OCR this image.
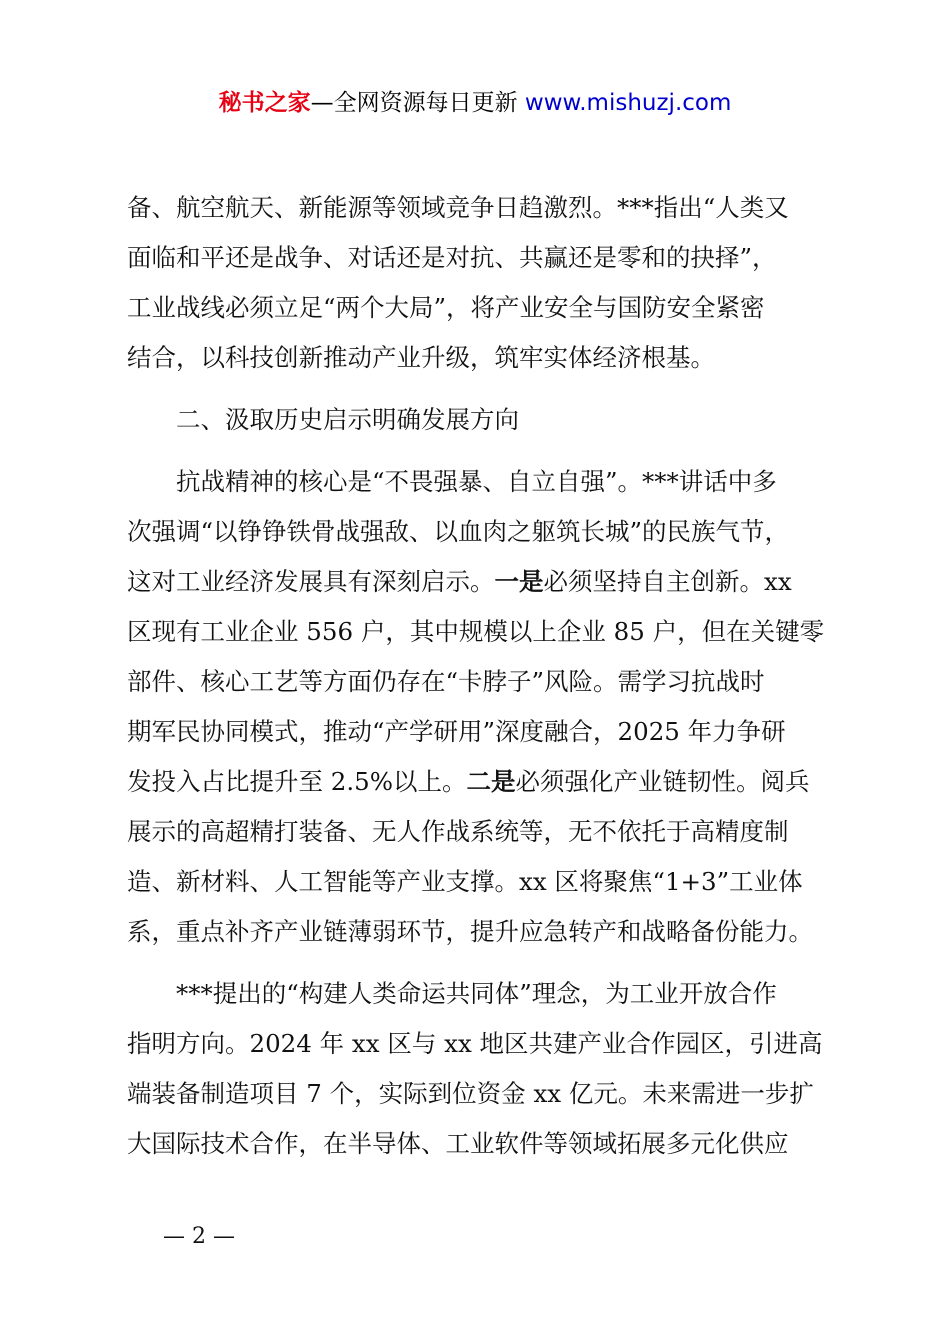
秘书之家—全网资源每日更新 www.mishuzj.com

备、航空航天、新能源等领域竞争日趋激烈。***指出“人类又
面临和平还是战争、对话还是对抗、共赢还是零和的抉择”，
工业战线必须立足“两个大局”，将产业安全与国防安全紧密
结合，以科技创新推动产业升级，筑牢实体经济根基。

二、汲取历史启示明确发展方向

抗战精神的核心是“不畏强暴、自立自强”。***讲话中多
次强调“以铮铮铁骨战强敌、以血肉之躯筑长城”的民族气节，
这对工业经济发展具有深刻启示。一是必须坚持自主创新。xx
区现有工业企业 556 户，其中规模以上企业 85 户，但在关键零
部件、核心工艺等方面仍存在“卡脖子”风险。需学习抗战时
期军民协同模式，推动“产学研用”深度融合，2025 年力争研
发投入占比提升至 2.5%以上。二是必须强化产业链韧性。阅兵
展示的高超精打装备、无人作战系统等，无不依托于高精度制
造、新材料、人工智能等产业支撑。xx 区将聚焦“1+3”工业体
系，重点补齐产业链薄弱环节，提升应急转产和战略备份能力。

***提出的“构建人类命运共同体”理念，为工业开放合作
指明方向。2024 年 xx 区与 xx 地区共建产业合作园区，引进高
端装备制造项目 7 个，实际到位资金 xx 亿元。未来需进一步扩
大国际技术合作，在半导体、工业软件等领域拓展多元化供应

— 2 —
